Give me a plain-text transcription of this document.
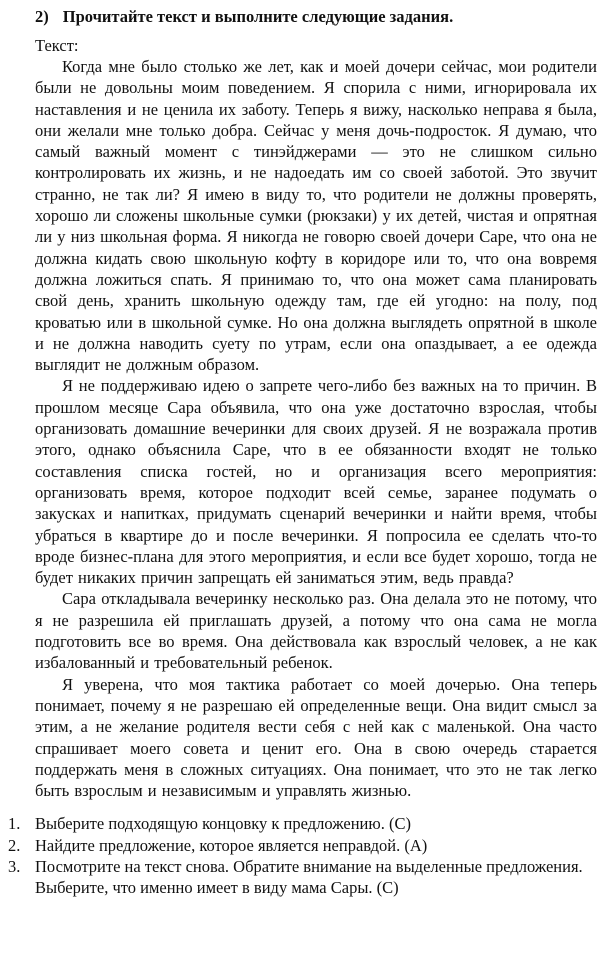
2) Прочитайте текст и выполните следующие задания.

Текст:

Когда мне было столько же лет, как и моей дочери сейчас, мои родители были не довольны моим поведением. Я спорила с ними, игнорировала их наставления и не ценила их заботу. Теперь я вижу, насколько неправа я была, они желали мне только добра. Сейчас у меня дочь-подросток. Я думаю, что самый важный момент с тинэйджерами — это не слишком сильно контролировать их жизнь, и не надоедать им со своей заботой. Это звучит странно, не так ли? Я имею в виду то, что родители не должны проверять, хорошо ли сложены школьные сумки (рюкзаки) у их детей, чистая и опрятная ли у низ школьная форма. Я никогда не говорю своей дочери Саре, что она не должна кидать свою школьную кофту в коридоре или то, что она вовремя должна ложиться спать. Я принимаю то, что она может сама планировать свой день, хранить школьную одежду там, где ей угодно: на полу, под кроватью или в школьной сумке. Но она должна выглядеть опрятной в школе и не должна наводить суету по утрам, если она опаздывает, а ее одежда выглядит не должным образом.

Я не поддерживаю идею о запрете чего-либо без важных на то причин. В прошлом месяце Сара объявила, что она уже достаточно взрослая, чтобы организовать домашние вечеринки для своих друзей. Я не возражала против этого, однако объяснила Саре, что в ее обязанности входят не только составления списка гостей, но и организация всего мероприятия: организовать время, которое подходит всей семье, заранее подумать о закусках и напитках, придумать сценарий вечеринки и найти время, чтобы убраться в квартире до и после вечеринки. Я попросила ее сделать что-то вроде бизнес-плана для этого мероприятия, и если все будет хорошо, тогда не будет никаких причин запрещать ей заниматься этим, ведь правда?

Сара откладывала вечеринку несколько раз. Она делала это не потому, что я не разрешила ей приглашать друзей, а потому что она сама не могла подготовить все во время. Она действовала как взрослый человек, а не как избалованный и требовательный ребенок.

Я уверена, что моя тактика работает со моей дочерью. Она теперь понимает, почему я не разрешаю ей определенные вещи. Она видит смысл за этим, а не желание родителя вести себя с ней как с маленькой. Она часто спрашивает моего совета и ценит его. Она в свою очередь старается поддержать меня в сложных ситуациях. Она понимает, что это не так легко быть взрослым и независимым и управлять жизнью.

1. Выберите подходящую концовку к предложению. (С)
2. Найдите предложение, которое является неправдой. (А)
3. Посмотрите на текст снова. Обратите внимание на выделенные предложения. Выберите, что именно имеет в виду мама Сары. (С)
